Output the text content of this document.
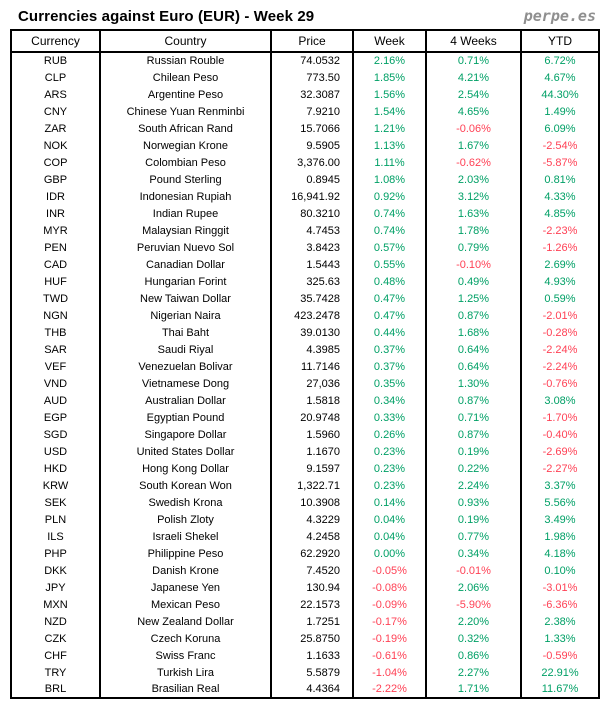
Currencies against Euro (EUR) - Week 29	perpe.es
Currency	Country	Price	Week	4 Weeks	YTD
RUB	Russian Rouble	74.0532	2.16%	0.71%	6.72%
CLP	Chilean Peso	773.50	1.85%	4.21%	4.67%
ARS	Argentine Peso	32.3087	1.56%	2.54%	44.30%
CNY	Chinese Yuan Renminbi	7.9210	1.54%	4.65%	1.49%
ZAR	South African Rand	15.7066	1.21%	-0.06%	6.09%
NOK	Norwegian Krone	9.5905	1.13%	1.67%	-2.54%
COP	Colombian Peso	3,376.00	1.11%	-0.62%	-5.87%
GBP	Pound Sterling	0.8945	1.08%	2.03%	0.81%
IDR	Indonesian Rupiah	16,941.92	0.92%	3.12%	4.33%
INR	Indian Rupee	80.3210	0.74%	1.63%	4.85%
MYR	Malaysian Ringgit	4.7453	0.74%	1.78%	-2.23%
PEN	Peruvian Nuevo Sol	3.8423	0.57%	0.79%	-1.26%
CAD	Canadian Dollar	1.5443	0.55%	-0.10%	2.69%
HUF	Hungarian Forint	325.63	0.48%	0.49%	4.93%
TWD	New Taiwan Dollar	35.7428	0.47%	1.25%	0.59%
NGN	Nigerian Naira	423.2478	0.47%	0.87%	-2.01%
THB	Thai Baht	39.0130	0.44%	1.68%	-0.28%
SAR	Saudi Riyal	4.3985	0.37%	0.64%	-2.24%
VEF	Venezuelan Bolivar	11.7146	0.37%	0.64%	-2.24%
VND	Vietnamese Dong	27,036	0.35%	1.30%	-0.76%
AUD	Australian Dollar	1.5818	0.34%	0.87%	3.08%
EGP	Egyptian Pound	20.9748	0.33%	0.71%	-1.70%
SGD	Singapore Dollar	1.5960	0.26%	0.87%	-0.40%
USD	United States Dollar	1.1670	0.23%	0.19%	-2.69%
HKD	Hong Kong Dollar	9.1597	0.23%	0.22%	-2.27%
KRW	South Korean Won	1,322.71	0.23%	2.24%	3.37%
SEK	Swedish Krona	10.3908	0.14%	0.93%	5.56%
PLN	Polish Zloty	4.3229	0.04%	0.19%	3.49%
ILS	Israeli Shekel	4.2458	0.04%	0.77%	1.98%
PHP	Philippine Peso	62.2920	0.00%	0.34%	4.18%
DKK	Danish Krone	7.4520	-0.05%	-0.01%	0.10%
JPY	Japanese Yen	130.94	-0.08%	2.06%	-3.01%
MXN	Mexican Peso	22.1573	-0.09%	-5.90%	-6.36%
NZD	New Zealand Dollar	1.7251	-0.17%	2.20%	2.38%
CZK	Czech Koruna	25.8750	-0.19%	0.32%	1.33%
CHF	Swiss Franc	1.1633	-0.61%	0.86%	-0.59%
TRY	Turkish Lira	5.5879	-1.04%	2.27%	22.91%
BRL	Brasilian Real	4.4364	-2.22%	1.71%	11.67%
